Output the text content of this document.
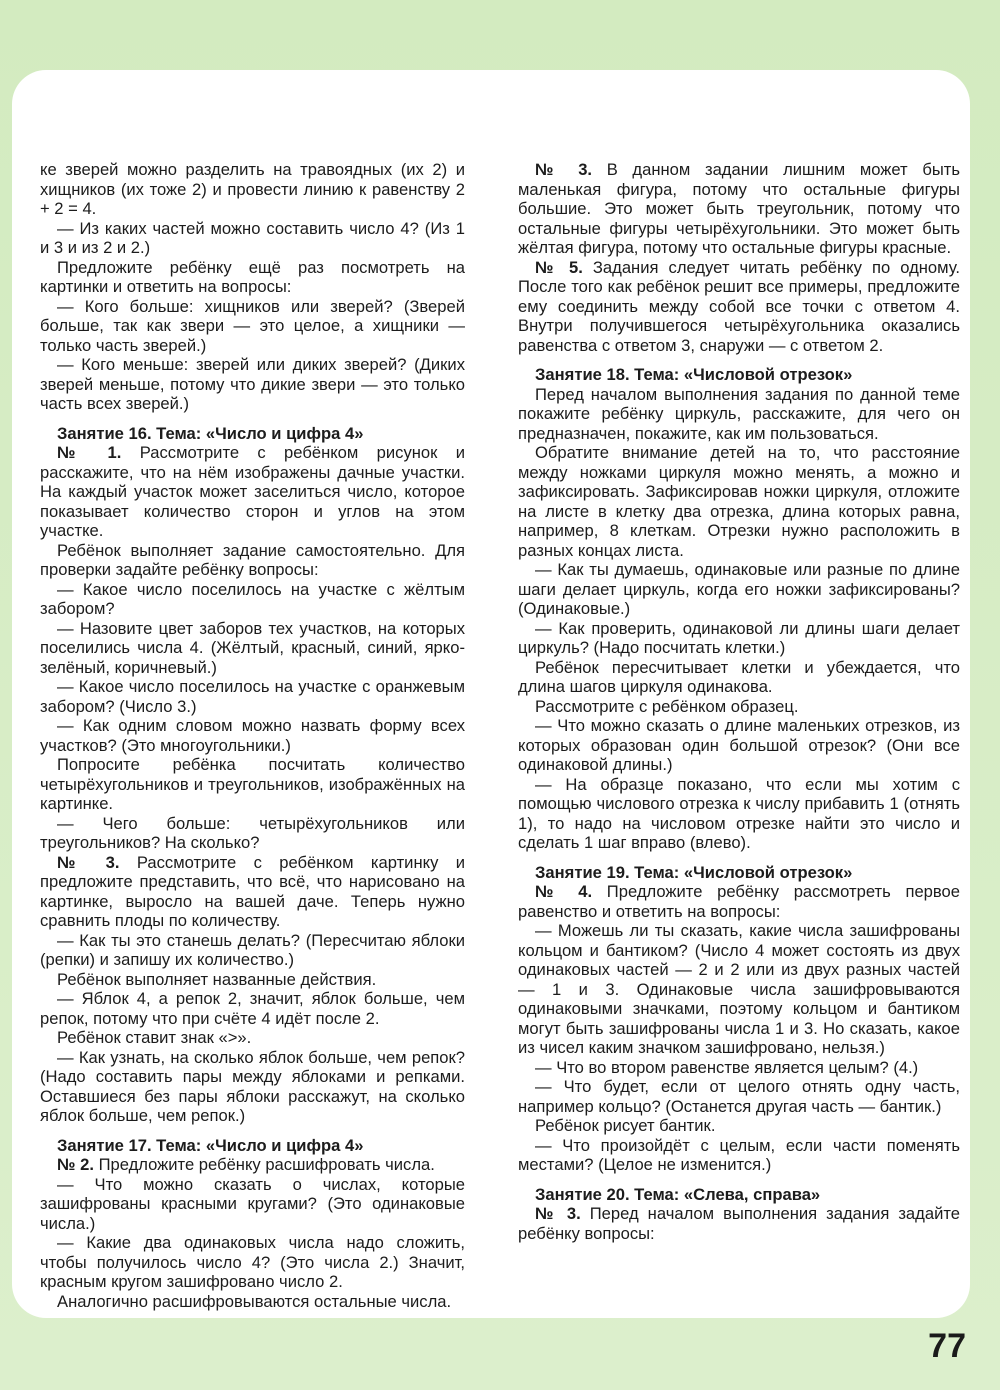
ке зверей можно разделить на травоядных (их 2) и хищников (их тоже 2) и провести линию к равенству 2 + 2 = 4.

— Из каких частей можно составить число 4? (Из 1 и 3 и из 2 и 2.)

Предложите ребёнку ещё раз посмотреть на картинки и ответить на вопросы:

— Кого больше: хищников или зверей? (Зверей больше, так как звери — это целое, а хищники — только часть зверей.)

— Кого меньше: зверей или диких зверей? (Диких зверей меньше, потому что дикие звери — это только часть всех зверей.)

Занятие 16. Тема: «Число и цифра 4»

№ 1. Рассмотрите с ребёнком рисунок и расскажите, что на нём изображены дачные участки. На каждый участок может заселиться число, которое показывает количество сторон и углов на этом участке.

Ребёнок выполняет задание самостоятельно. Для проверки задайте ребёнку вопросы:

— Какое число поселилось на участке с жёлтым забором?

— Назовите цвет заборов тех участков, на которых поселились числа 4. (Жёлтый, красный, синий, ярко-зелёный, коричневый.)

— Какое число поселилось на участке с оранжевым забором? (Число 3.)

— Как одним словом можно назвать форму всех участков? (Это многоугольники.)

Попросите ребёнка посчитать количество четырёхугольников и треугольников, изображённых на картинке.

— Чего больше: четырёхугольников или треугольников? На сколько?

№ 3. Рассмотрите с ребёнком картинку и предложите представить, что всё, что нарисовано на картинке, выросло на вашей даче. Теперь нужно сравнить плоды по количеству.

— Как ты это станешь делать? (Пересчитаю яблоки (репки) и запишу их количество.)

Ребёнок выполняет названные действия.

— Яблок 4, а репок 2, значит, яблок больше, чем репок, потому что при счёте 4 идёт после 2.

Ребёнок ставит знак «>».

— Как узнать, на сколько яблок больше, чем репок? (Надо составить пары между яблоками и репками. Оставшиеся без пары яблоки расскажут, на сколько яблок больше, чем репок.)

Занятие 17. Тема: «Число и цифра 4»

№ 2. Предложите ребёнку расшифровать числа.

— Что можно сказать о числах, которые зашифрованы красными кругами? (Это одинаковые числа.)

— Какие два одинаковых числа надо сложить, чтобы получилось число 4? (Это числа 2.) Значит, красным кругом зашифровано число 2.

Аналогично расшифровываются остальные числа.

№ 3. В данном задании лишним может быть маленькая фигура, потому что остальные фигуры большие. Это может быть треугольник, потому что остальные фигуры четырёхугольники. Это может быть жёлтая фигура, потому что остальные фигуры красные.

№ 5. Задания следует читать ребёнку по одному. После того как ребёнок решит все примеры, предложите ему соединить между собой все точки с ответом 4. Внутри получившегося четырёхугольника оказались равенства с ответом 3, снаружи — с ответом 2.

Занятие 18. Тема: «Числовой отрезок»

Перед началом выполнения задания по данной теме покажите ребёнку циркуль, расскажите, для чего он предназначен, покажите, как им пользоваться.

Обратите внимание детей на то, что расстояние между ножками циркуля можно менять, а можно и зафиксировать. Зафиксировав ножки циркуля, отложите на листе в клетку два отрезка, длина которых равна, например, 8 клеткам. Отрезки нужно расположить в разных концах листа.

— Как ты думаешь, одинаковые или разные по длине шаги делает циркуль, когда его ножки зафиксированы? (Одинаковые.)

— Как проверить, одинаковой ли длины шаги делает циркуль? (Надо посчитать клетки.)

Ребёнок пересчитывает клетки и убеждается, что длина шагов циркуля одинакова.

Рассмотрите с ребёнком образец.

— Что можно сказать о длине маленьких отрезков, из которых образован один большой отрезок? (Они все одинаковой длины.)

— На образце показано, что если мы хотим с помощью числового отрезка к числу прибавить 1 (отнять 1), то надо на числовом отрезке найти это число и сделать 1 шаг вправо (влево).

Занятие 19. Тема: «Числовой отрезок»

№ 4. Предложите ребёнку рассмотреть первое равенство и ответить на вопросы:

— Можешь ли ты сказать, какие числа зашифрованы кольцом и бантиком? (Число 4 может состоять из двух одинаковых частей — 2 и 2 или из двух разных частей — 1 и 3. Одинаковые числа зашифровываются одинаковыми значками, поэтому кольцом и бантиком могут быть зашифрованы числа 1 и 3. Но сказать, какое из чисел каким значком зашифровано, нельзя.)

— Что во втором равенстве является целым? (4.)

— Что будет, если от целого отнять одну часть, например кольцо? (Останется другая часть — бантик.)

Ребёнок рисует бантик.

— Что произойдёт с целым, если части поменять местами? (Целое не изменится.)

Занятие 20. Тема: «Слева, справа»

№ 3. Перед началом выполнения задания задайте ребёнку вопросы:

77
